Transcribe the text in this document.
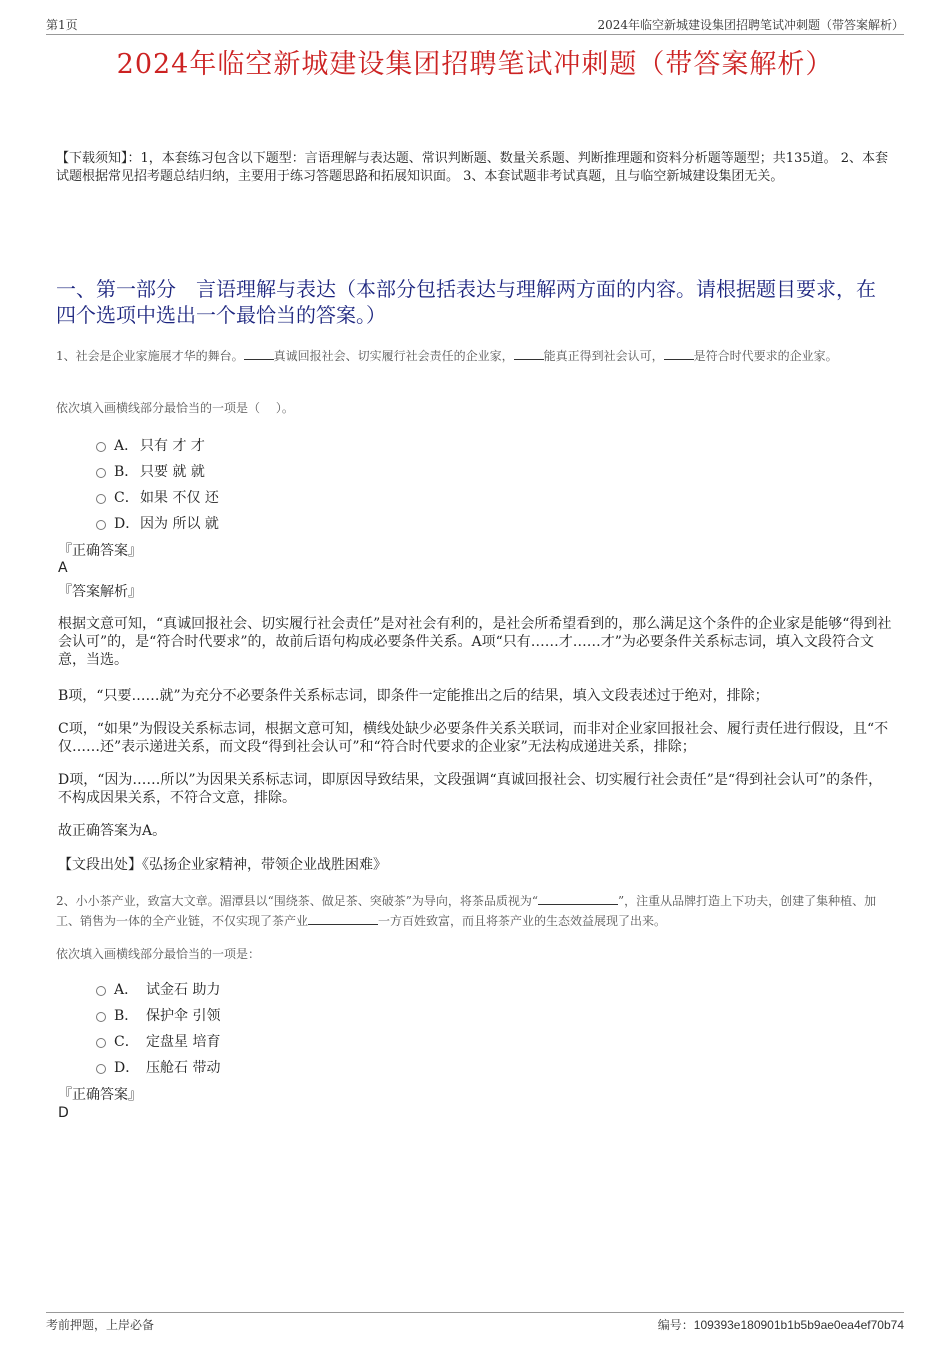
第1页	2024年临空新城建设集团招聘笔试冲刺题（带答案解析）
2024年临空新城建设集团招聘笔试冲刺题（带答案解析）
【下载须知】：1，本套练习包含以下题型：言语理解与表达题、常识判断题、数量关系题、判断推理题和资料分析题等题型；共135道。 2、本套试题根据常见招考题总结归纳，主要用于练习答题思路和拓展知识面。 3、本套试题非考试真题，且与临空新城建设集团无关。
一、第一部分　言语理解与表达（本部分包括表达与理解两方面的内容。请根据题目要求，在四个选项中选出一个最恰当的答案。）
1、社会是企业家施展才华的舞台。	真诚回报社会、切实履行社会责任的企业家，	能真正得到社会认可，	是符合时代要求的企业家。
依次填入画横线部分最恰当的一项是（　 ）。
A． 只有 才 才
B． 只要 就 就
C．如果 不仅 还
D．因为 所以 就
『正确答案』
A
『答案解析』
根据文意可知，“真诚回报社会、切实履行社会责任”是对社会有利的，是社会所希望看到的，那么满足这个条件的企业家是能够“得到社会认可”的，是“符合时代要求”的，故前后语句构成必要条件关系。A项“只有……才……才”为必要条件关系标志词，填入文段符合文意，当选。
B项，“只要……就”为充分不必要条件关系标志词，即条件一定能推出之后的结果，填入文段表述过于绝对，排除；
C项，“如果”为假设关系标志词，根据文意可知，横线处缺少必要条件关系关联词，而非对企业家回报社会、履行责任进行假设，且“不仅……还”表示递进关系，而文段“得到社会认可”和“符合时代要求的企业家”无法构成递进关系，排除；
D项，“因为……所以”为因果关系标志词，即原因导致结果，文段强调“真诚回报社会、切实履行社会责任”是“得到社会认可”的条件，不构成因果关系，不符合文意，排除。
故正确答案为A。
【文段出处】《弘扬企业家精神，带领企业战胜困难》
2、小小茶产业，致富大文章。湄潭县以“围绕茶、做足茶、突破茶”为导向，将茶品质视为“	”，注重从品牌打造上下功夫，创建了集种植、加工、销售为一体的全产业链，不仅实现了茶产业	一方百姓致富，而且将茶产业的生态效益展现了出来。
依次填入画横线部分最恰当的一项是：
A． 试金石 助力
B． 保护伞 引领
C． 定盘星 培育
D． 压舱石 带动
『正确答案』
D
考前押题，上岸必备	编号：109393e180901b1b5b9ae0ea4ef70b74
